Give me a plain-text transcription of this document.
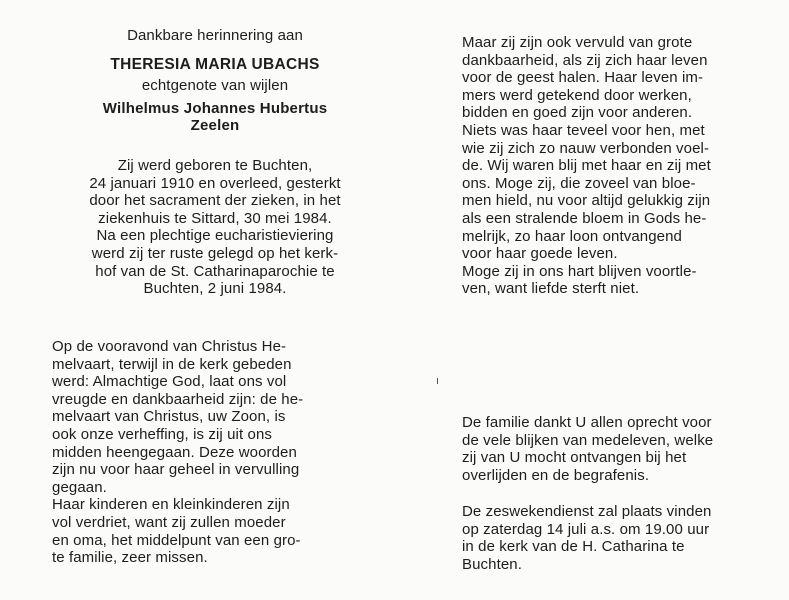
Dankbare herinnering aan
THERESIA MARIA UBACHS
echtgenote van wijlen
Wilhelmus Johannes Hubertus
Zeelen
Zij werd geboren te Buchten,
24 januari 1910 en overleed, gesterkt
door het sacrament der zieken, in het
ziekenhuis te Sittard, 30 mei 1984.
Na een plechtige eucharistieviering
werd zij ter ruste gelegd op het kerk-
hof van de St. Catharinaparochie te
Buchten, 2 juni 1984.
Op de vooravond van Christus He-
melvaart, terwijl in de kerk gebeden
werd: Almachtige God, laat ons vol
vreugde en dankbaarheid zijn: de he-
melvaart van Christus, uw Zoon, is
ook onze verheffing, is zij uit ons
midden heengegaan. Deze woorden
zijn nu voor haar geheel in vervulling
gegaan.
Haar kinderen en kleinkinderen zijn
vol verdriet, want zij zullen moeder
en oma, het middelpunt van een gro-
te familie, zeer missen.
Maar zij zijn ook vervuld van grote
dankbaarheid, als zij zich haar leven
voor de geest halen. Haar leven im-
mers werd getekend door werken,
bidden en goed zijn voor anderen.
Niets was haar teveel voor hen, met
wie zij zich zo nauw verbonden voel-
de. Wij waren blij met haar en zij met
ons. Moge zij, die zoveel van bloe-
men hield, nu voor altijd gelukkig zijn
als een stralende bloem in Gods he-
melrijk, zo haar loon ontvangend
voor haar goede leven.
Moge zij in ons hart blijven voortle-
ven, want liefde sterft niet.
De familie dankt U allen oprecht voor
de vele blijken van medeleven, welke
zij van U mocht ontvangen bij het
overlijden en de begrafenis.
De zeswekendienst zal plaats vinden
op zaterdag 14 juli a.s. om 19.00 uur
in de kerk van de H. Catharina te
Buchten.
